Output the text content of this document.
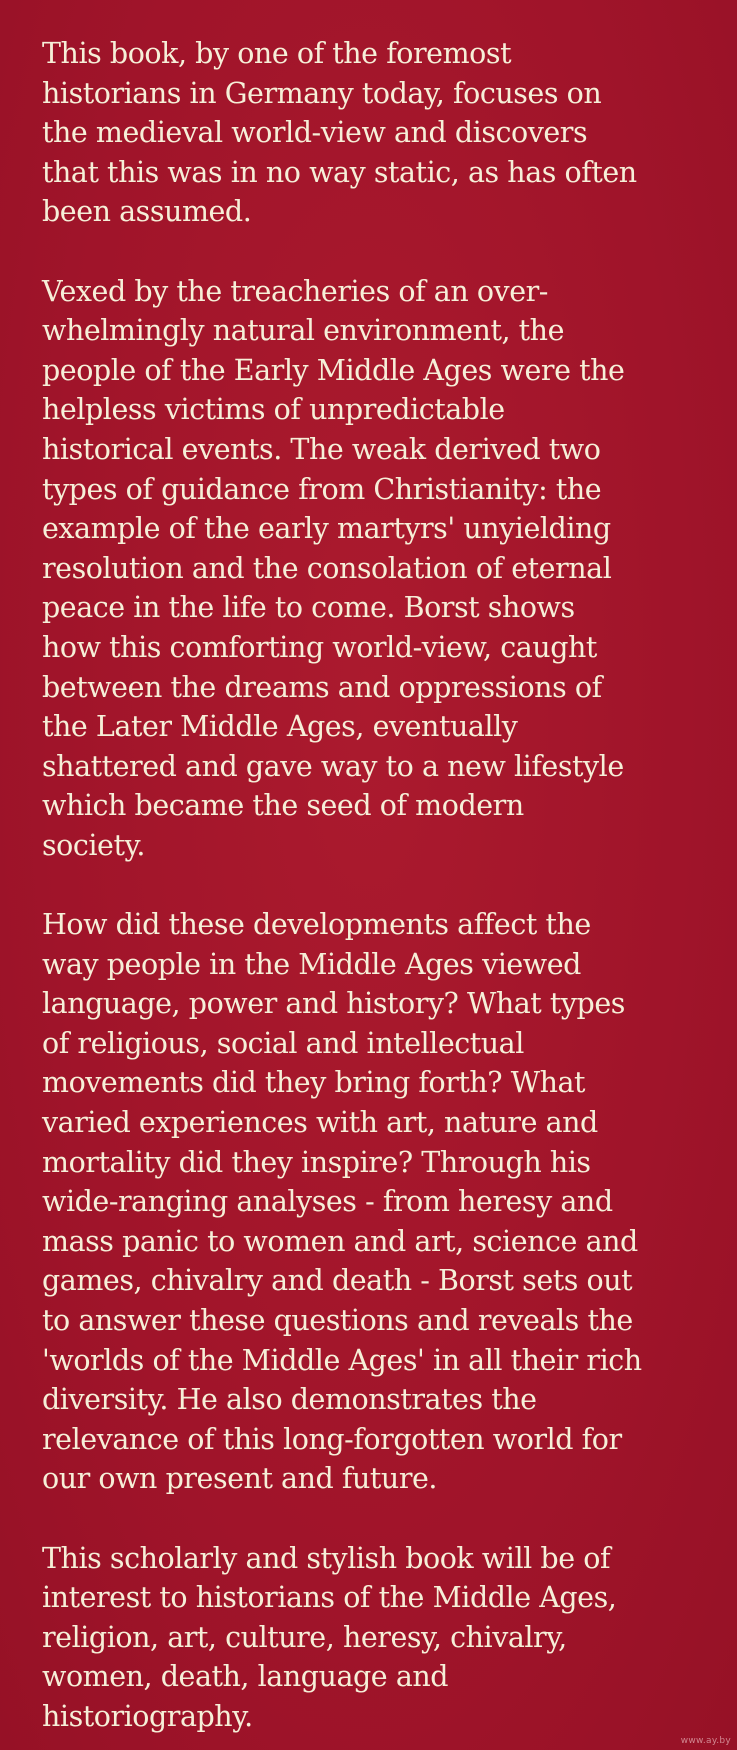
This book, by one of the foremost
historians in Germany today, focuses on
the medieval world-view and discovers
that this was in no way static, as has often
been assumed.

Vexed by the treacheries of an over-
whelmingly natural environment, the
people of the Early Middle Ages were the
helpless victims of unpredictable
historical events. The weak derived two
types of guidance from Christianity: the
example of the early martyrs' unyielding
resolution and the consolation of eternal
peace in the life to come. Borst shows
how this comforting world-view, caught
between the dreams and oppressions of
the Later Middle Ages, eventually
shattered and gave way to a new lifestyle
which became the seed of modern
society.

How did these developments affect the
way people in the Middle Ages viewed
language, power and history? What types
of religious, social and intellectual
movements did they bring forth? What
varied experiences with art, nature and
mortality did they inspire? Through his
wide-ranging analyses - from heresy and
mass panic to women and art, science and
games, chivalry and death - Borst sets out
to answer these questions and reveals the
'worlds of the Middle Ages' in all their rich
diversity. He also demonstrates the
relevance of this long-forgotten world for
our own present and future.

This scholarly and stylish book will be of
interest to historians of the Middle Ages,
religion, art, culture, heresy, chivalry,
women, death, language and
historiography.

www.ay.by
